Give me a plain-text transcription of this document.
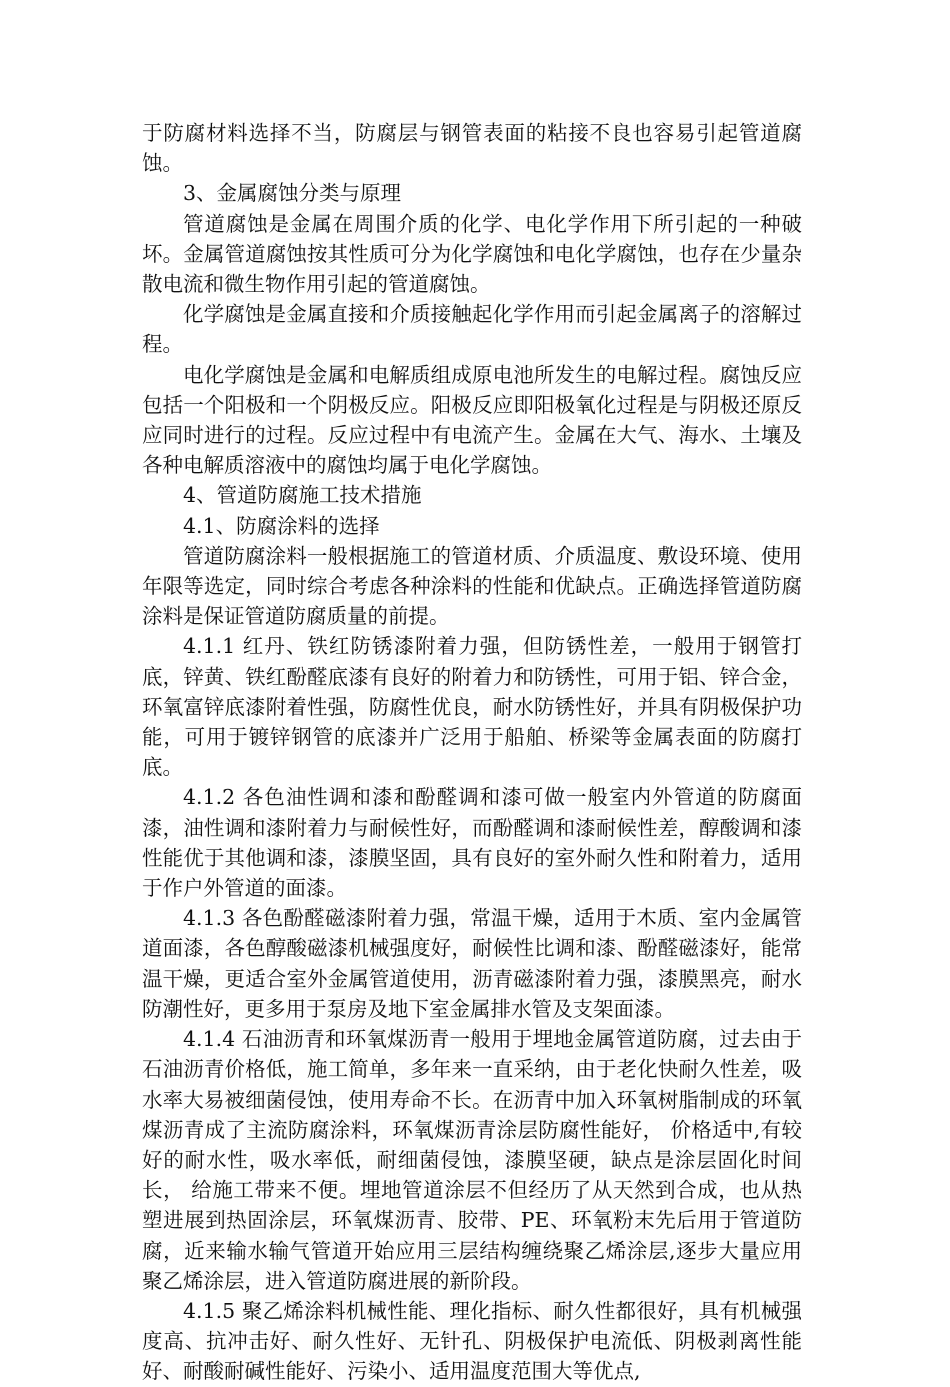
于防腐材料选择不当，防腐层与钢管表面的粘接不良也容易引起管道腐蚀。

3、金属腐蚀分类与原理

管道腐蚀是金属在周围介质的化学、电化学作用下所引起的一种破坏。金属管道腐蚀按其性质可分为化学腐蚀和电化学腐蚀，也存在少量杂散电流和微生物作用引起的管道腐蚀。

化学腐蚀是金属直接和介质接触起化学作用而引起金属离子的溶解过程。

电化学腐蚀是金属和电解质组成原电池所发生的电解过程。腐蚀反应包括一个阳极和一个阴极反应。阳极反应即阳极氧化过程是与阴极还原反应同时进行的过程。反应过程中有电流产生。金属在大气、海水、土壤及各种电解质溶液中的腐蚀均属于电化学腐蚀。

4、管道防腐施工技术措施

4.1、防腐涂料的选择

管道防腐涂料一般根据施工的管道材质、介质温度、敷设环境、使用年限等选定，同时综合考虑各种涂料的性能和优缺点。正确选择管道防腐涂料是保证管道防腐质量的前提。

4.1.1 红丹、铁红防锈漆附着力强，但防锈性差，一般用于钢管打底，锌黄、铁红酚醛底漆有良好的附着力和防锈性，可用于铝、锌合金，环氧富锌底漆附着性强，防腐性优良，耐水防锈性好，并具有阴极保护功能，可用于镀锌钢管的底漆并广泛用于船舶、桥梁等金属表面的防腐打底。

4.1.2 各色油性调和漆和酚醛调和漆可做一般室内外管道的防腐面漆，油性调和漆附着力与耐候性好，而酚醛调和漆耐候性差，醇酸调和漆性能优于其他调和漆，漆膜坚固，具有良好的室外耐久性和附着力，适用于作户外管道的面漆。

4.1.3 各色酚醛磁漆附着力强，常温干燥，适用于木质、室内金属管道面漆，各色醇酸磁漆机械强度好，耐候性比调和漆、酚醛磁漆好，能常温干燥，更适合室外金属管道使用，沥青磁漆附着力强，漆膜黑亮，耐水防潮性好，更多用于泵房及地下室金属排水管及支架面漆。

4.1.4 石油沥青和环氧煤沥青一般用于埋地金属管道防腐，过去由于石油沥青价格低，施工简单，多年来一直采纳，由于老化快耐久性差，吸水率大易被细菌侵蚀，使用寿命不长。在沥青中加入环氧树脂制成的环氧煤沥青成了主流防腐涂料，环氧煤沥青涂层防腐性能好， 价格适中,有较好的耐水性，吸水率低，耐细菌侵蚀，漆膜坚硬，缺点是涂层固化时间长， 给施工带来不便。埋地管道涂层不但经历了从天然到合成，也从热塑进展到热固涂层，环氧煤沥青、胶带、PE、环氧粉末先后用于管道防腐，近来输水输气管道开始应用三层结构缠绕聚乙烯涂层,逐步大量应用聚乙烯涂层，进入管道防腐进展的新阶段。

4.1.5 聚乙烯涂料机械性能、理化指标、耐久性都很好，具有机械强度高、抗冲击好、耐久性好、无针孔、阴极保护电流低、阴极剥离性能好、耐酸耐碱性能好、污染小、适用温度范围大等优点,
